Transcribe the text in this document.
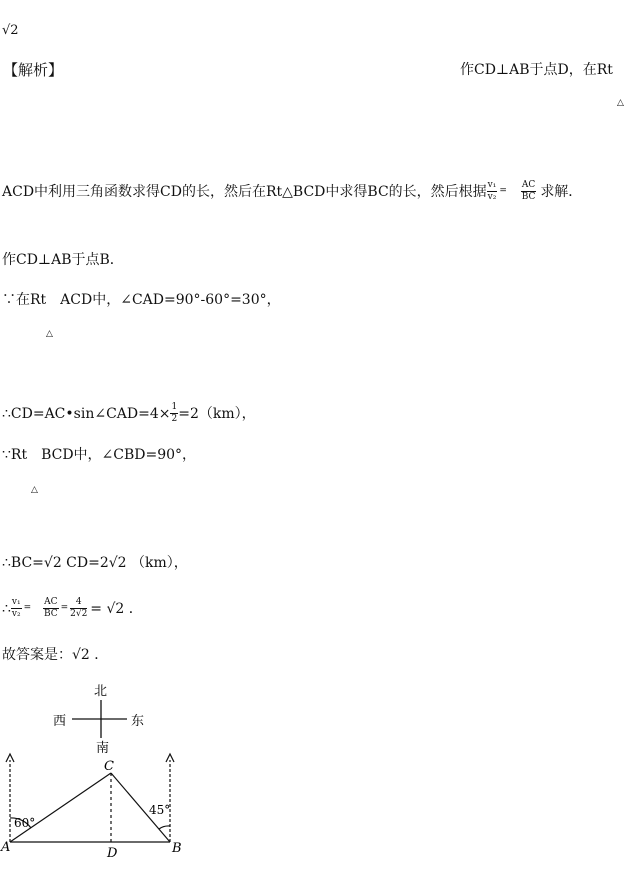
√2
【解析】	作CD⊥AB于点D，在Rt
△
ACD中利用三角函数求得CD的长，然后在Rt△BCD中求得BC的长，然后根据 $\frac{\text{v₁}}{\text{v₂}} = \frac{AC}{BC}$ 求解．
作CD⊥AB于点B．
∵在Rt　ACD中，∠CAD=90°-60°=30°，
△
∴CD=AC•sin∠CAD=4× $\frac{1}{2} =2(km)$，
∵Rt　BCD中，∠CBD=90°，
△
∴BC=√2 CD=2√2 （km），
∴ $\frac{\text{v₁}}{\text{v₂}} = \frac{AC}{BC} = \frac{4}{2√2} = √2$ ．
故答案是：√2 ．
北
南
西	东
A	B
C
D
60°
45°
